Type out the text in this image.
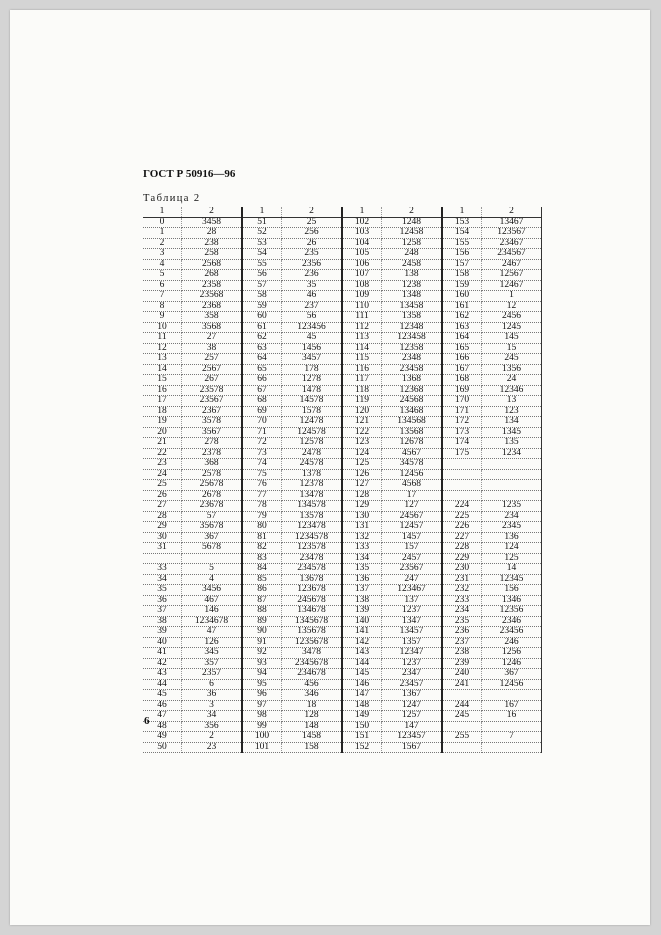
ГОСТ Р 50916—96
Таблица 2
1	2	1	2	1	2	1	2
0	3458	51	25	102	1248	153	13467
1	28	52	256	103	12458	154	123567
2	238	53	26	104	1258	155	23467
3	258	54	235	105	248	156	234567
4	2568	55	2356	106	2458	157	2467
5	268	56	236	107	138	158	12567
6	2358	57	35	108	1238	159	12467
7	23568	58	46	109	1348	160	1
8	2368	59	237	110	13458	161	12
9	358	60	56	111	1358	162	2456
10	3568	61	123456	112	12348	163	1245
11	27	62	45	113	123458	164	145
12	38	63	1456	114	12358	165	15
13	257	64	3457	115	2348	166	245
14	2567	65	178	116	23458	167	1356
15	267	66	1278	117	1368	168	24
16	23578	67	1478	118	12368	169	12346
17	23567	68	14578	119	24568	170	13
18	2367	69	1578	120	13468	171	123
19	3578	70	12478	121	134568	172	134
20	3567	71	124578	122	13568	173	1345
21	278	72	12578	123	12678	174	135
22	2378	73	2478	124	4567	175	1234
23	368	74	24578	125	34578		
24	2578	75	1378	126	12456		
25	25678	76	12378	127	4568		
26	2678	77	13478	128	17		
27	23678	78	134578	129	127	224	1235
28	57	79	13578	130	24567	225	234
29	35678	80	123478	131	12457	226	2345
30	367	81	1234578	132	1457	227	136
31	5678	82	123578	133	157	228	124
		83	23478	134	2457	229	125
33	5	84	234578	135	23567	230	14
34	4	85	13678	136	247	231	12345
35	3456	86	123678	137	123467	232	156
36	467	87	245678	138	137	233	1346
37	146	88	134678	139	1237	234	12356
38	1234678	89	1345678	140	1347	235	2346
39	47	90	135678	141	13457	236	23456
40	126	91	1235678	142	1357	237	246
41	345	92	3478	143	12347	238	1256
42	357	93	2345678	144	1237	239	1246
43	2357	94	234678	145	2347	240	367
44	6	95	456	146	23457	241	12456
45	36	96	346	147	1367		
46	3	97	18	148	1247	244	167
47	34	98	128	149	1257	245	16
48	356	99	148	150	147		
49	2	100	1458	151	123457	255	7
50	23	101	158	152	1567		
6
